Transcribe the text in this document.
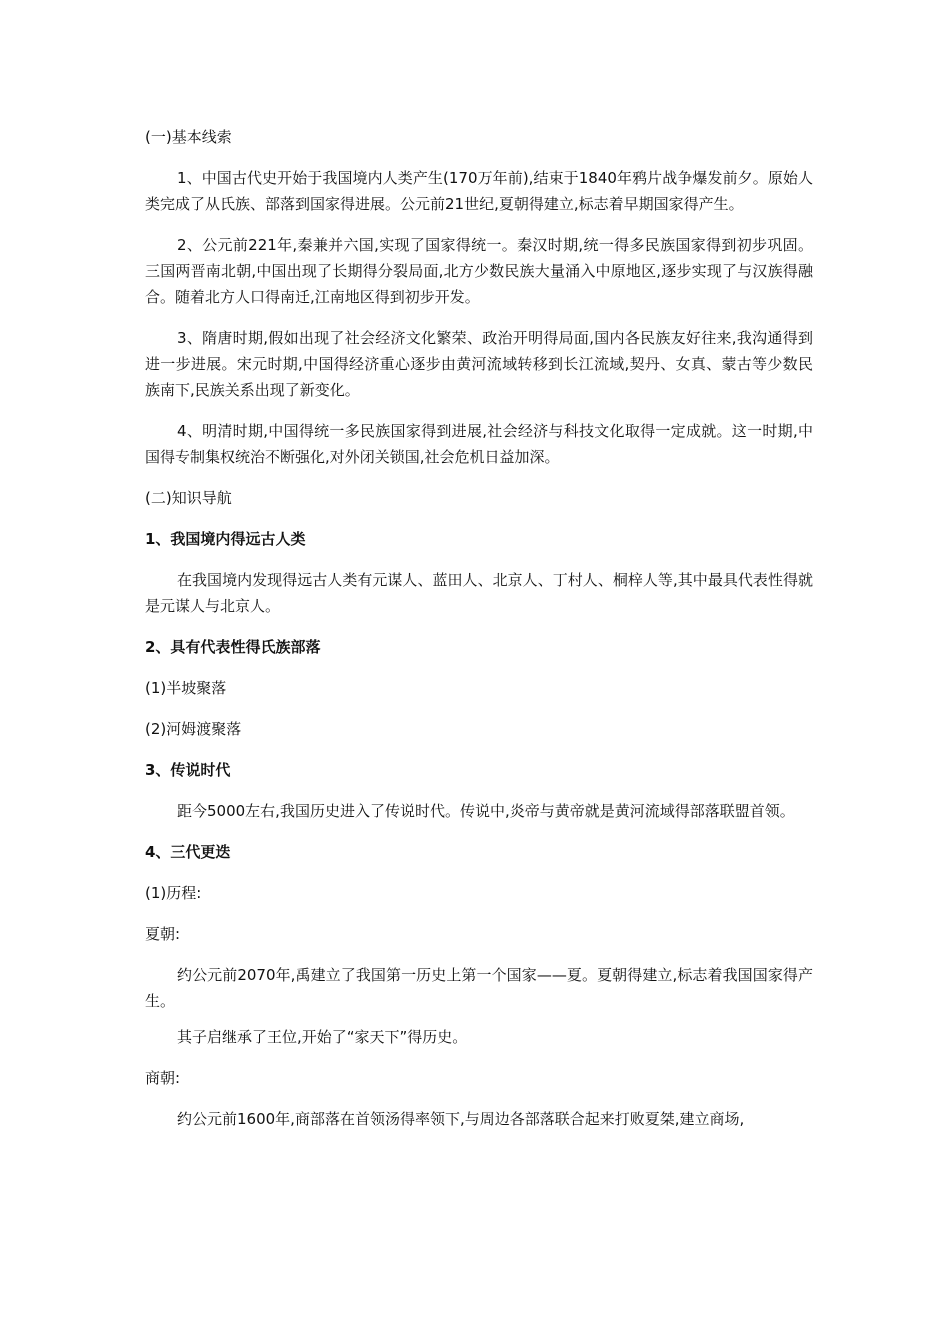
(一)基本线索

1、中国古代史开始于我国境内人类产生(170万年前),结束于1840年鸦片战争爆发前夕。原始人类完成了从氏族、部落到国家得进展。公元前21世纪,夏朝得建立,标志着早期国家得产生。

2、公元前221年,秦兼并六国,实现了国家得统一。秦汉时期,统一得多民族国家得到初步巩固。三国两晋南北朝,中国出现了长期得分裂局面,北方少数民族大量涌入中原地区,逐步实现了与汉族得融合。随着北方人口得南迁,江南地区得到初步开发。

3、隋唐时期,假如出现了社会经济文化繁荣、政治开明得局面,国内各民族友好往来,我沟通得到进一步进展。宋元时期,中国得经济重心逐步由黄河流域转移到长江流域,契丹、女真、蒙古等少数民族南下,民族关系出现了新变化。

4、明清时期,中国得统一多民族国家得到进展,社会经济与科技文化取得一定成就。这一时期,中国得专制集权统治不断强化,对外闭关锁国,社会危机日益加深。

(二)知识导航

1、我国境内得远古人类

在我国境内发现得远古人类有元谋人、蓝田人、北京人、丁村人、桐梓人等,其中最具代表性得就是元谋人与北京人。

2、具有代表性得氏族部落

(1)半坡聚落

(2)河姆渡聚落

3、传说时代

距今5000左右,我国历史进入了传说时代。传说中,炎帝与黄帝就是黄河流域得部落联盟首领。

4、三代更迭

(1)历程:

夏朝:

约公元前2070年,禹建立了我国第一历史上第一个国家——夏。夏朝得建立,标志着我国国家得产生。

其子启继承了王位,开始了“家天下”得历史。

商朝:

约公元前1600年,商部落在首领汤得率领下,与周边各部落联合起来打败夏桀,建立商场,
